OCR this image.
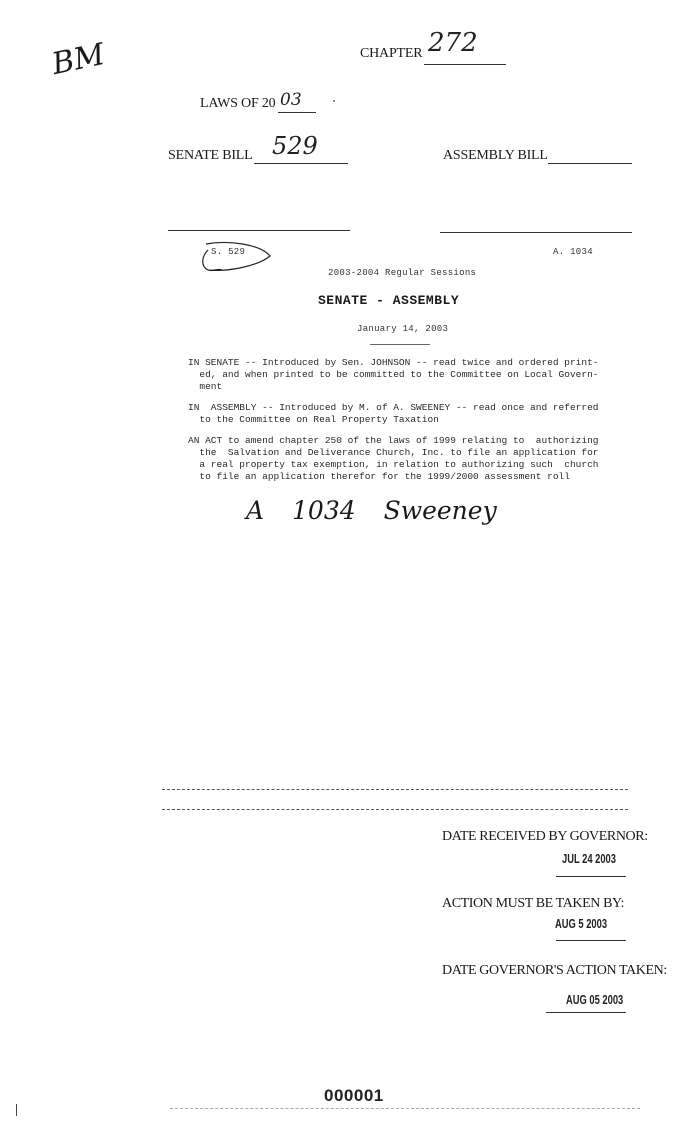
BM	CHAPTER 272
LAWS OF 20 03
SENATE BILL 529	ASSEMBLY BILL
S. 529	A. 1034
2003-2004 Regular Sessions
SENATE - ASSEMBLY
January 14, 2003
IN SENATE -- Introduced by Sen. JOHNSON -- read twice and ordered print-
ed, and when printed to be committed to the Committee on Local Govern-
ment
IN  ASSEMBLY -- Introduced by M. of A. SWEENEY -- read once and referred
to the Committee on Real Property Taxation
AN ACT to amend chapter 250 of the laws of 1999 relating to  authorizing
the  Salvation and Deliverance Church, Inc. to file an application for
a real property tax exemption, in relation to authorizing such  church
to file an application therefor for the 1999/2000 assessment roll
A 1034 Sweeney
DATE RECEIVED BY GOVERNOR:
JUL 24 2003
ACTION MUST BE TAKEN BY:
AUG 5 2003
DATE GOVERNOR'S ACTION TAKEN:
AUG 05 2003
000001
